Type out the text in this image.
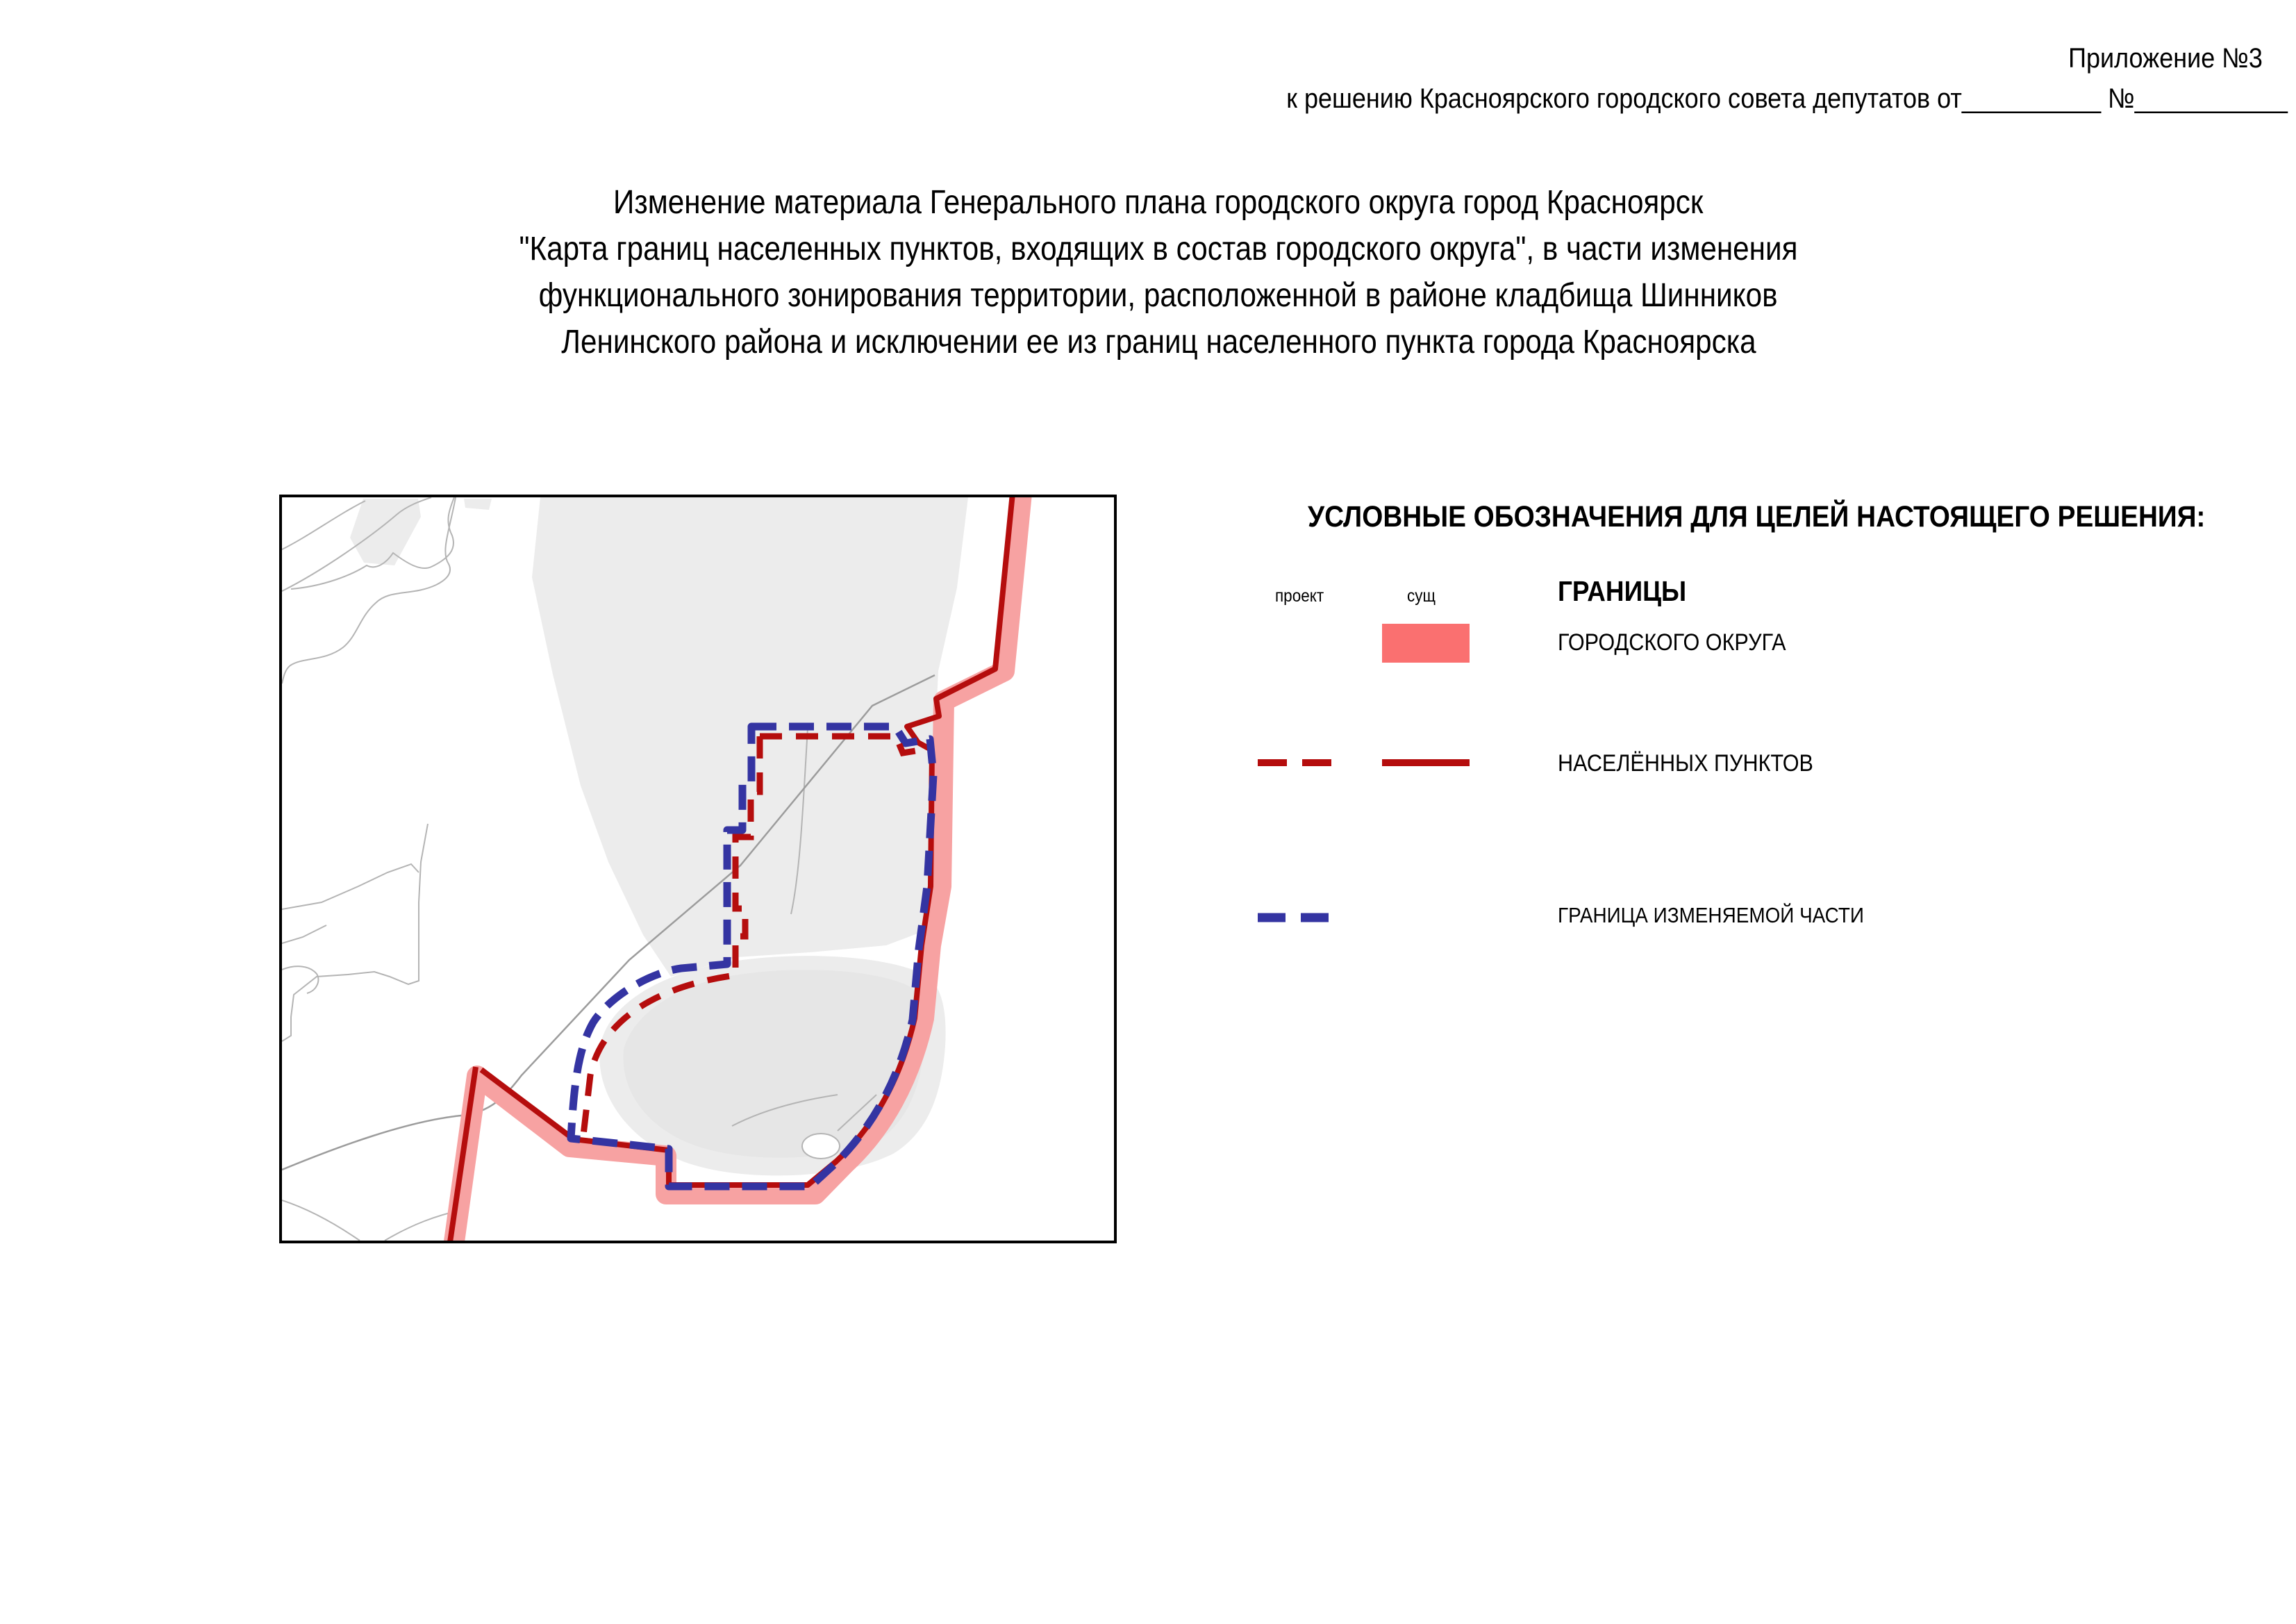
Приложение №3
к решению Красноярского городского совета депутатов от__________ №___________
Изменение материала Генерального плана городского округа город Красноярск
"Карта границ населенных пунктов, входящих в состав городского округа", в части изменения
функционального зонирования территории, расположенной в районе кладбища Шинников
Ленинского района и исключении ее из границ населенного пункта города Красноярска
УСЛОВНЫЕ ОБОЗНАЧЕНИЯ ДЛЯ ЦЕЛЕЙ НАСТОЯЩЕГО РЕШЕНИЯ:
проект	сущ	ГРАНИЦЫ
ГОРОДСКОГО ОКРУГА
НАСЕЛЁННЫХ ПУНКТОВ
ГРАНИЦА ИЗМЕНЯЕМОЙ ЧАСТИ
